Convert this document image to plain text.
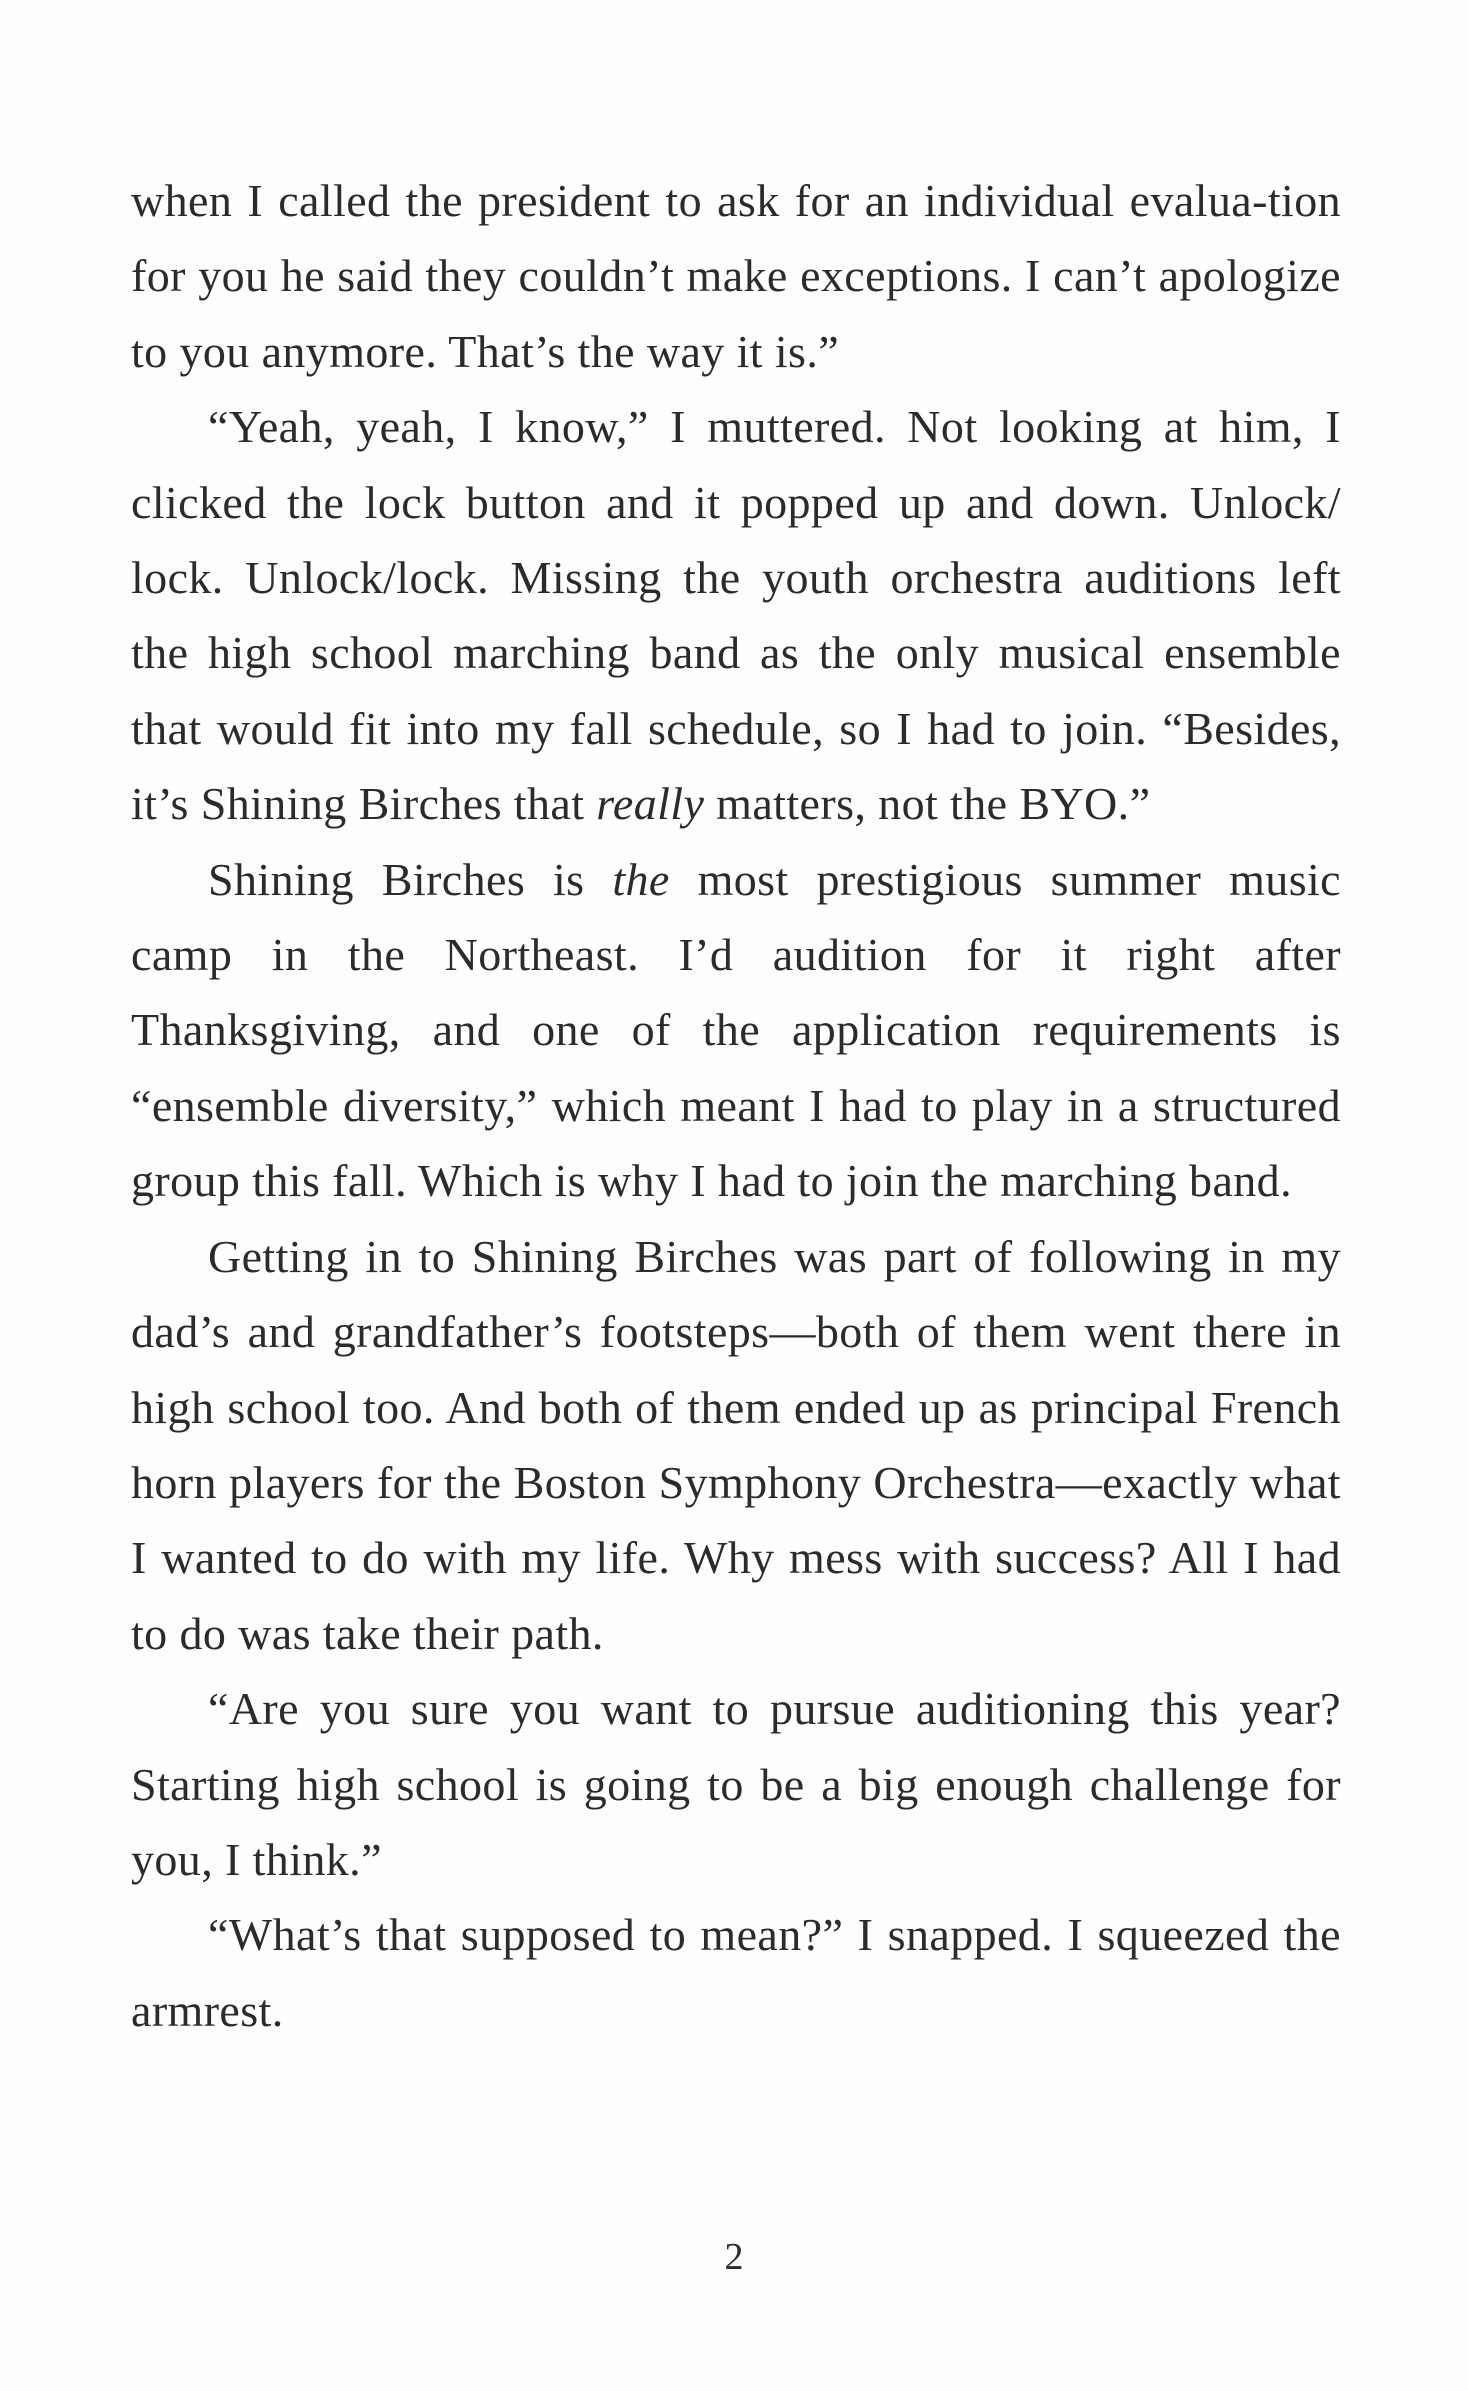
when I called the president to ask for an individual evalua-tion for you he said they couldn’t make exceptions. I can’t apologize to you anymore. That’s the way it is.”

“Yeah, yeah, I know,” I muttered. Not looking at him, I clicked the lock button and it popped up and down. Unlock/ lock. Unlock/lock. Missing the youth orchestra auditions left the high school marching band as the only musical ensemble that would fit into my fall schedule, so I had to join. “Besides, it’s Shining Birches that really matters, not the BYO.”

Shining Birches is the most prestigious summer music camp in the Northeast. I’d audition for it right after Thanksgiving, and one of the application requirements is “ensemble diversity,” which meant I had to play in a structured group this fall. Which is why I had to join the marching band.

Getting in to Shining Birches was part of following in my dad’s and grandfather’s footsteps—both of them went there in high school too. And both of them ended up as principal French horn players for the Boston Symphony Orchestra—exactly what I wanted to do with my life. Why mess with success? All I had to do was take their path.

“Are you sure you want to pursue auditioning this year? Starting high school is going to be a big enough challenge for you, I think.”

“What’s that supposed to mean?” I snapped. I squeezed the armrest.

2
